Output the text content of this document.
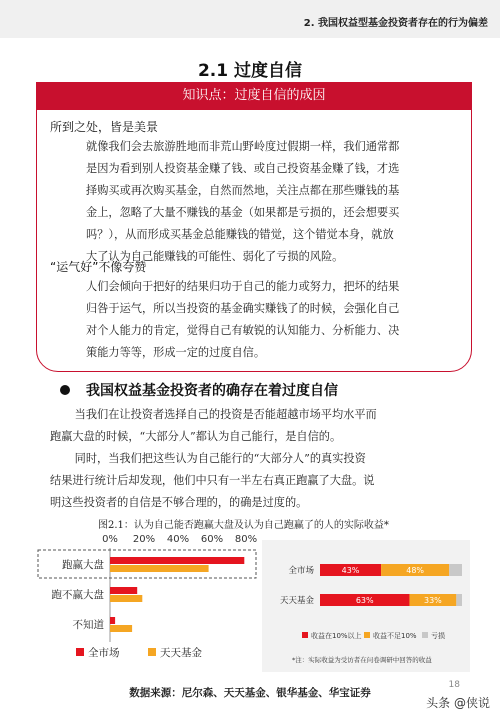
2. 我国权益型基金投资者存在的行为偏差
2.1 过度自信
知识点：过度自信的成因
所到之处，皆是美景
就像我们会去旅游胜地而非荒山野岭度过假期一样，我们通常都
是因为看到别人投资基金赚了钱、或自己投资基金赚了钱，才选
择购买或再次购买基金，自然而然地，关注点都在那些赚钱的基
金上，忽略了大量不赚钱的基金（如果都是亏损的，还会想要买
吗？），从而形成买基金总能赚钱的错觉，这个错觉本身，就放
大了认为自己能赚钱的可能性、弱化了亏损的风险。
“运气好”不像夸赞
人们会倾向于把好的结果归功于自己的能力或努力，把坏的结果
归咎于运气，所以当投资的基金确实赚钱了的时候，会强化自己
对个人能力的肯定，觉得自己有敏锐的认知能力、分析能力、决
策能力等等，形成一定的过度自信。
我国权益基金投资者的确存在着过度自信
当我们在让投资者选择自己的投资是否能超越市场平均水平而
跑赢大盘的时候，“大部分人”都认为自己能行，是自信的。
同时，当我们把这些认为自己能行的“大部分人”的真实投资
结果进行统计后却发现，他们中只有一半左右真正跑赢了大盘。说
明这些投资者的自信是不够合理的，的确是过度的。
图2.1：认为自己能否跑赢大盘及认为自己跑赢了的人的实际收益*
0% 20% 40% 60% 80%
跑赢大盘
跑不赢大盘
不知道
全市场	天天基金
全市场	43%	48%
天天基金	63%	33%
收益在10%以上 收益不足10% 亏损
*注：实际收益为受访者在问卷调研中回答的收益
数据来源：尼尔森、天天基金、银华基金、华宝证券
18
头条 @侠说
